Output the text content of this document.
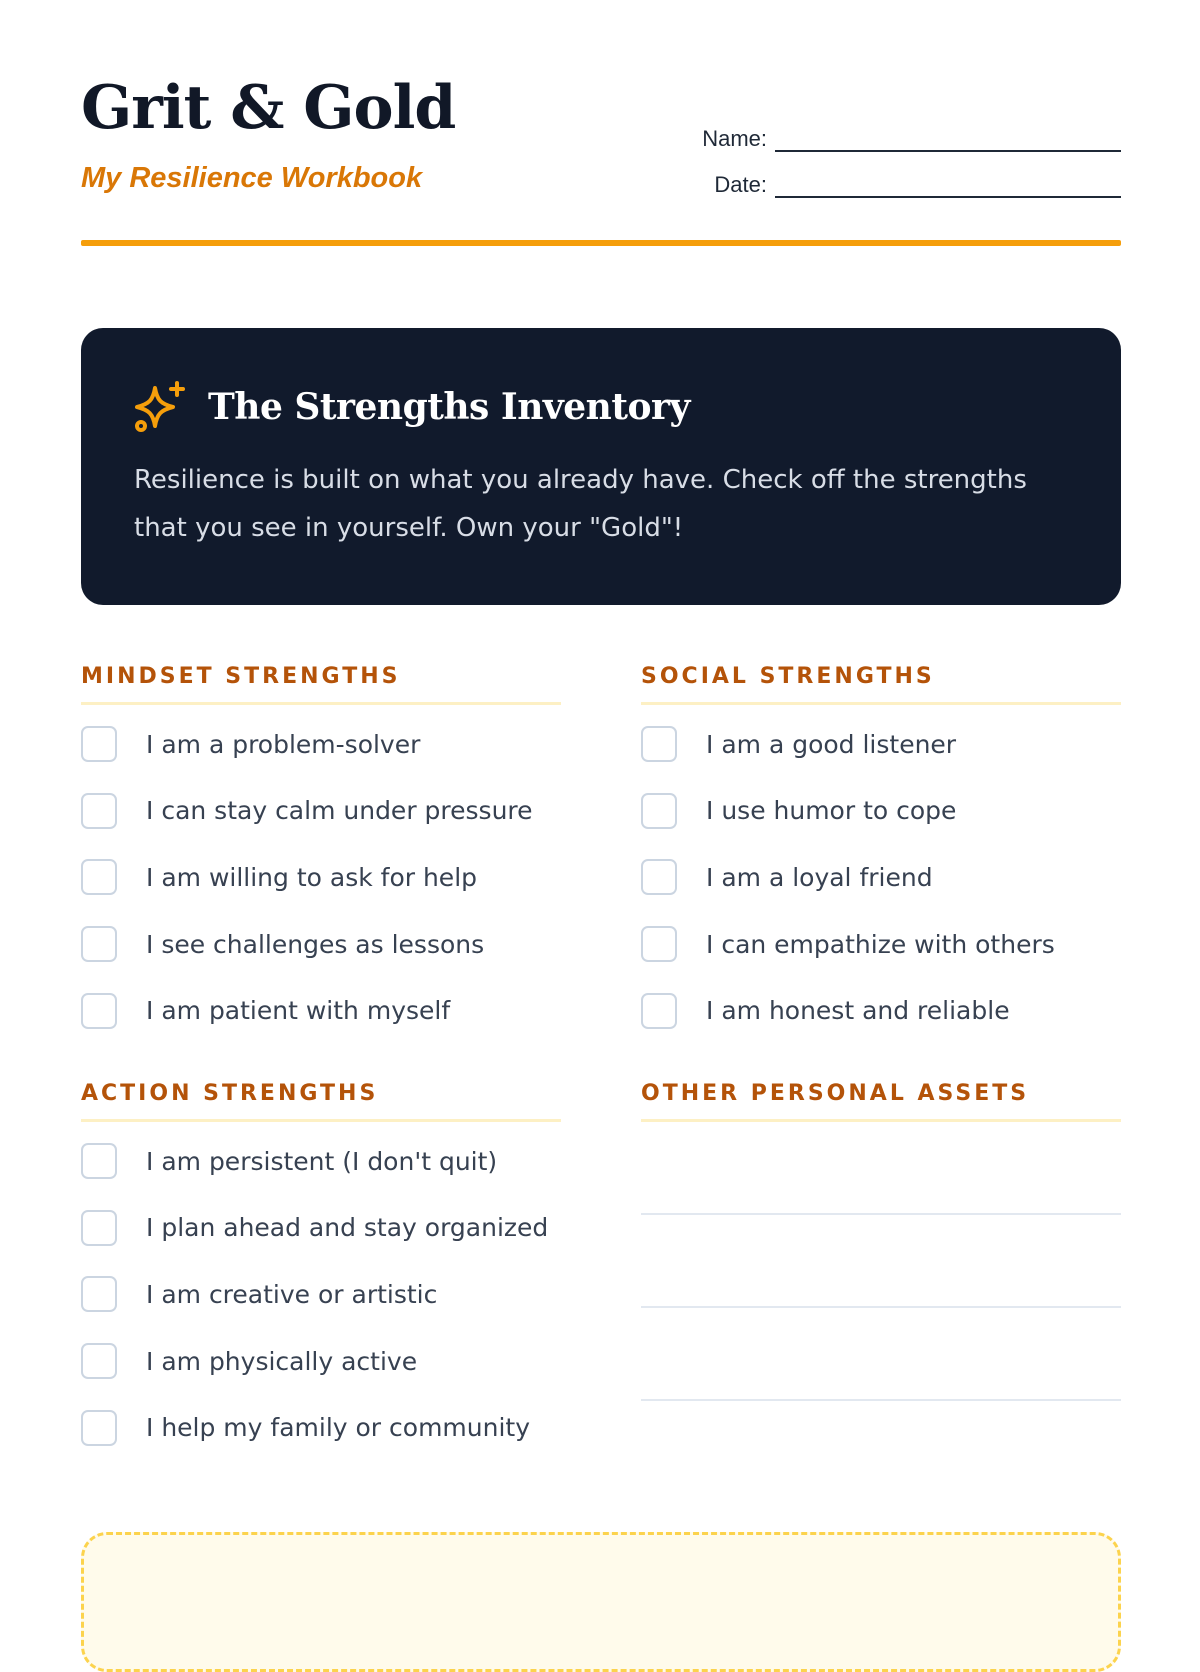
Grit & Gold
My Resilience Workbook
Name:
Date:
The Strengths Inventory
Resilience is built on what you already have. Check off the strengths that you see in yourself. Own your "Gold"!
MINDSET STRENGTHS
I am a problem-solver
I can stay calm under pressure
I am willing to ask for help
I see challenges as lessons
I am patient with myself
SOCIAL STRENGTHS
I am a good listener
I use humor to cope
I am a loyal friend
I can empathize with others
I am honest and reliable
ACTION STRENGTHS
I am persistent (I don't quit)
I plan ahead and stay organized
I am creative or artistic
I am physically active
I help my family or community
OTHER PERSONAL ASSETS
